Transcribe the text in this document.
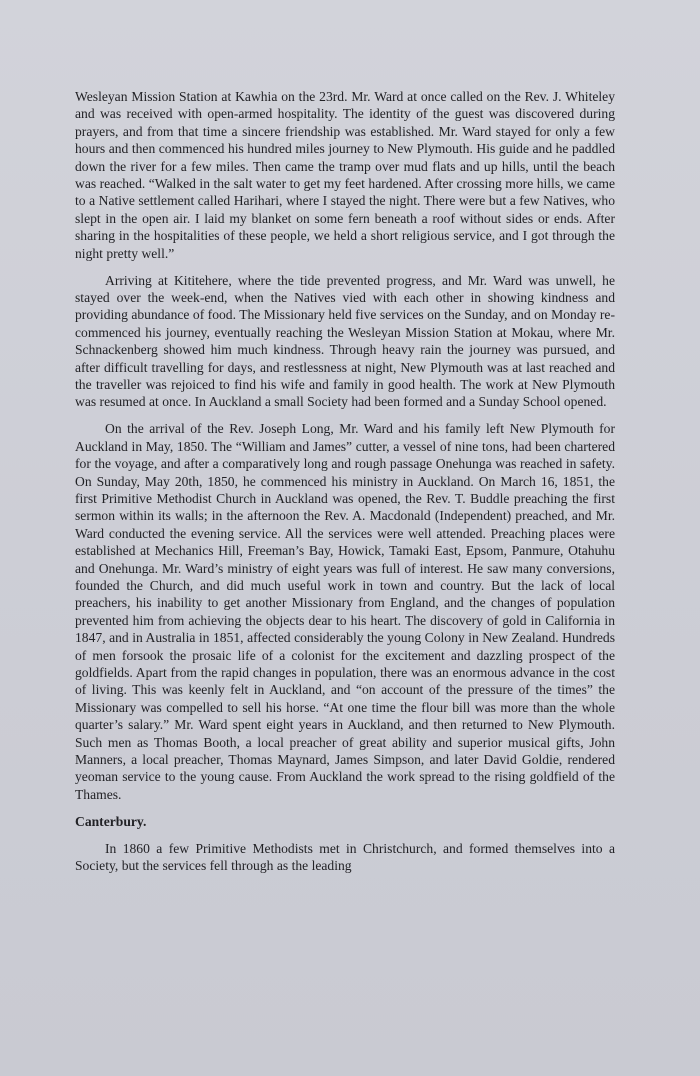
Wesleyan Mission Station at Kawhia on the 23rd. Mr. Ward at once called on the Rev. J. Whiteley and was received with open-armed hospitality. The identity of the guest was discovered during prayers, and from that time a sincere friendship was established. Mr. Ward stayed for only a few hours and then commenced his hundred miles journey to New Plymouth. His guide and he paddled down the river for a few miles. Then came the tramp over mud flats and up hills, until the beach was reached. “Walked in the salt water to get my feet hardened. After crossing more hills, we came to a Native settlement called Harihari, where I stayed the night. There were but a few Natives, who slept in the open air. I laid my blanket on some fern beneath a roof without sides or ends. After sharing in the hospitalities of these people, we held a short religious service, and I got through the night pretty well.”

Arriving at Kititehere, where the tide prevented progress, and Mr. Ward was unwell, he stayed over the week-end, when the Natives vied with each other in showing kindness and providing abundance of food. The Missionary held five services on the Sunday, and on Monday re-commenced his journey, eventually reaching the Wesleyan Mission Station at Mokau, where Mr. Schnackenberg showed him much kindness. Through heavy rain the journey was pursued, and after difficult travelling for days, and restlessness at night, New Plymouth was at last reached and the traveller was rejoiced to find his wife and family in good health. The work at New Plymouth was resumed at once. In Auckland a small Society had been formed and a Sunday School opened.

On the arrival of the Rev. Joseph Long, Mr. Ward and his family left New Plymouth for Auckland in May, 1850. The “William and James” cutter, a vessel of nine tons, had been chartered for the voyage, and after a comparatively long and rough passage Onehunga was reached in safety. On Sunday, May 20th, 1850, he commenced his ministry in Auckland. On March 16, 1851, the first Primitive Methodist Church in Auckland was opened, the Rev. T. Buddle preaching the first sermon within its walls; in the afternoon the Rev. A. Macdonald (Independent) preached, and Mr. Ward conducted the evening service. All the services were well attended. Preaching places were established at Mechanics Hill, Freeman’s Bay, Howick, Tamaki East, Epsom, Panmure, Otahuhu and Onehunga. Mr. Ward’s ministry of eight years was full of interest. He saw many conversions, founded the Church, and did much useful work in town and country. But the lack of local preachers, his inability to get another Missionary from England, and the changes of population prevented him from achieving the objects dear to his heart. The discovery of gold in California in 1847, and in Australia in 1851, affected considerably the young Colony in New Zealand. Hundreds of men forsook the prosaic life of a colonist for the excitement and dazzling prospect of the goldfields. Apart from the rapid changes in population, there was an enormous advance in the cost of living. This was keenly felt in Auckland, and “on account of the pressure of the times” the Missionary was compelled to sell his horse. “At one time the flour bill was more than the whole quarter’s salary.” Mr. Ward spent eight years in Auckland, and then returned to New Plymouth. Such men as Thomas Booth, a local preacher of great ability and superior musical gifts, John Manners, a local preacher, Thomas Maynard, James Simpson, and later David Goldie, rendered yeoman service to the young cause. From Auckland the work spread to the rising goldfield of the Thames.

Canterbury.

In 1860 a few Primitive Methodists met in Christchurch, and formed themselves into a Society, but the services fell through as the leading
